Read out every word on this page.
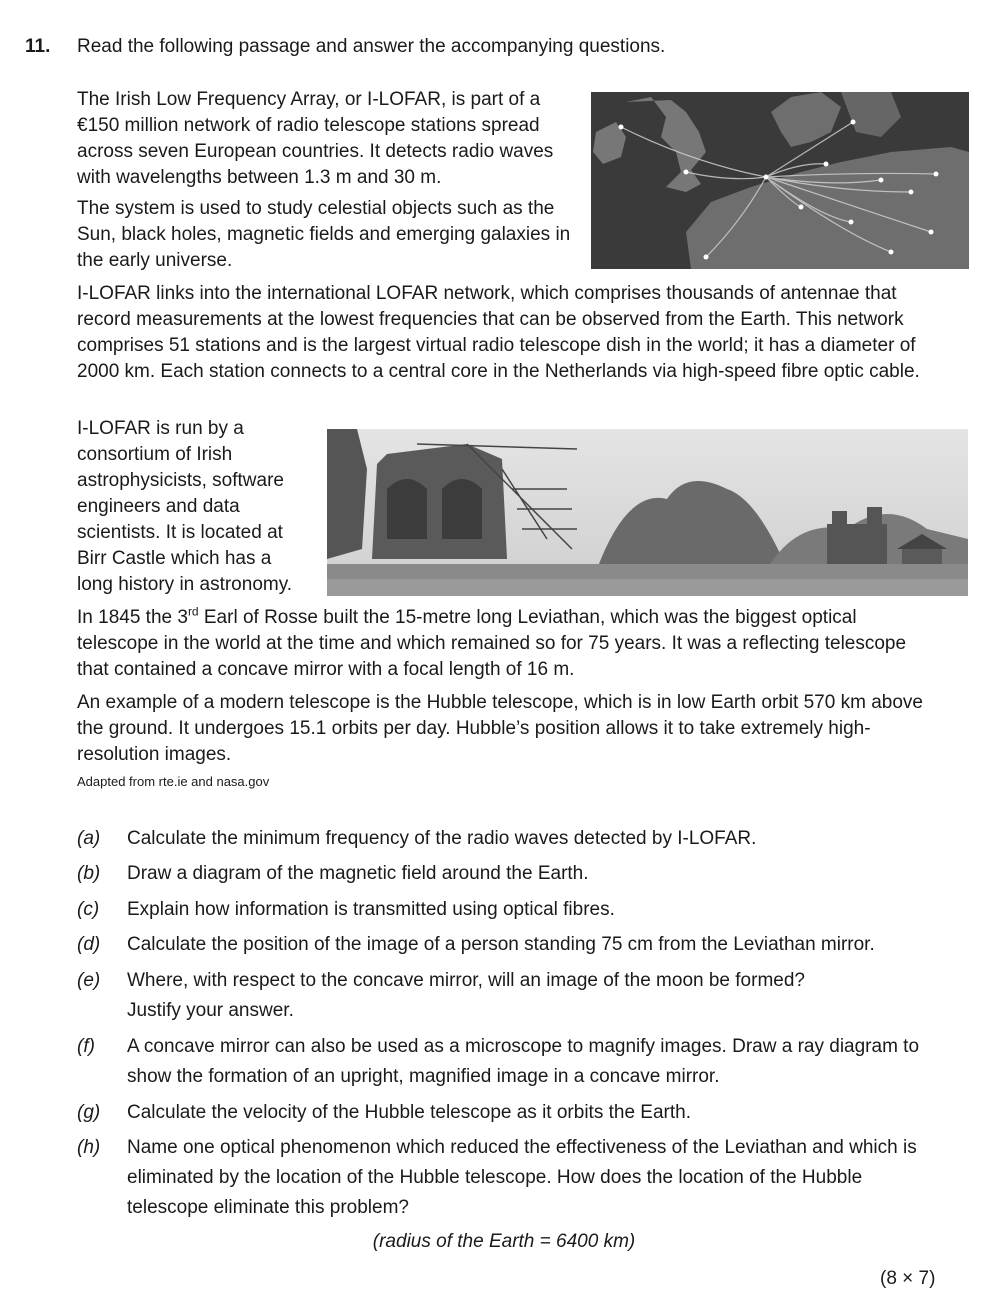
11. Read the following passage and answer the accompanying questions.

The Irish Low Frequency Array, or I-LOFAR, is part of a €150 million network of radio telescope stations spread across seven European countries. It detects radio waves with wavelengths between 1.3 m and 30 m.

The system is used to study celestial objects such as the Sun, black holes, magnetic fields and emerging galaxies in the early universe.

I-LOFAR links into the international LOFAR network, which comprises thousands of antennae that record measurements at the lowest frequencies that can be observed from the Earth. This network comprises 51 stations and is the largest virtual radio telescope dish in the world; it has a diameter of 2000 km. Each station connects to a central core in the Netherlands via high-speed fibre optic cable.

I-LOFAR is run by a consortium of Irish astrophysicists, software engineers and data scientists. It is located at Birr Castle which has a long history in astronomy.

In 1845 the 3rd Earl of Rosse built the 15-metre long Leviathan, which was the biggest optical telescope in the world at the time and which remained so for 75 years. It was a reflecting telescope that contained a concave mirror with a focal length of 16 m.

An example of a modern telescope is the Hubble telescope, which is in low Earth orbit 570 km above the ground. It undergoes 15.1 orbits per day. Hubble’s position allows it to take extremely high-resolution images.

Adapted from rte.ie and nasa.gov
(a)	Calculate the minimum frequency of the radio waves detected by I-LOFAR.
(b)	Draw a diagram of the magnetic field around the Earth.
(c)	Explain how information is transmitted using optical fibres.
(d)	Calculate the position of the image of a person standing 75 cm from the Leviathan mirror.
(e)	Where, with respect to the concave mirror, will an image of the moon be formed?
Justify your answer.
(f)	A concave mirror can also be used as a microscope to magnify images. Draw a ray diagram to show the formation of an upright, magnified image in a concave mirror.
(g)	Calculate the velocity of the Hubble telescope as it orbits the Earth.
(h)	Name one optical phenomenon which reduced the effectiveness of the Leviathan and which is eliminated by the location of the Hubble telescope. How does the location of the Hubble telescope eliminate this problem?
(radius of the Earth = 6400 km)
(8 × 7)
